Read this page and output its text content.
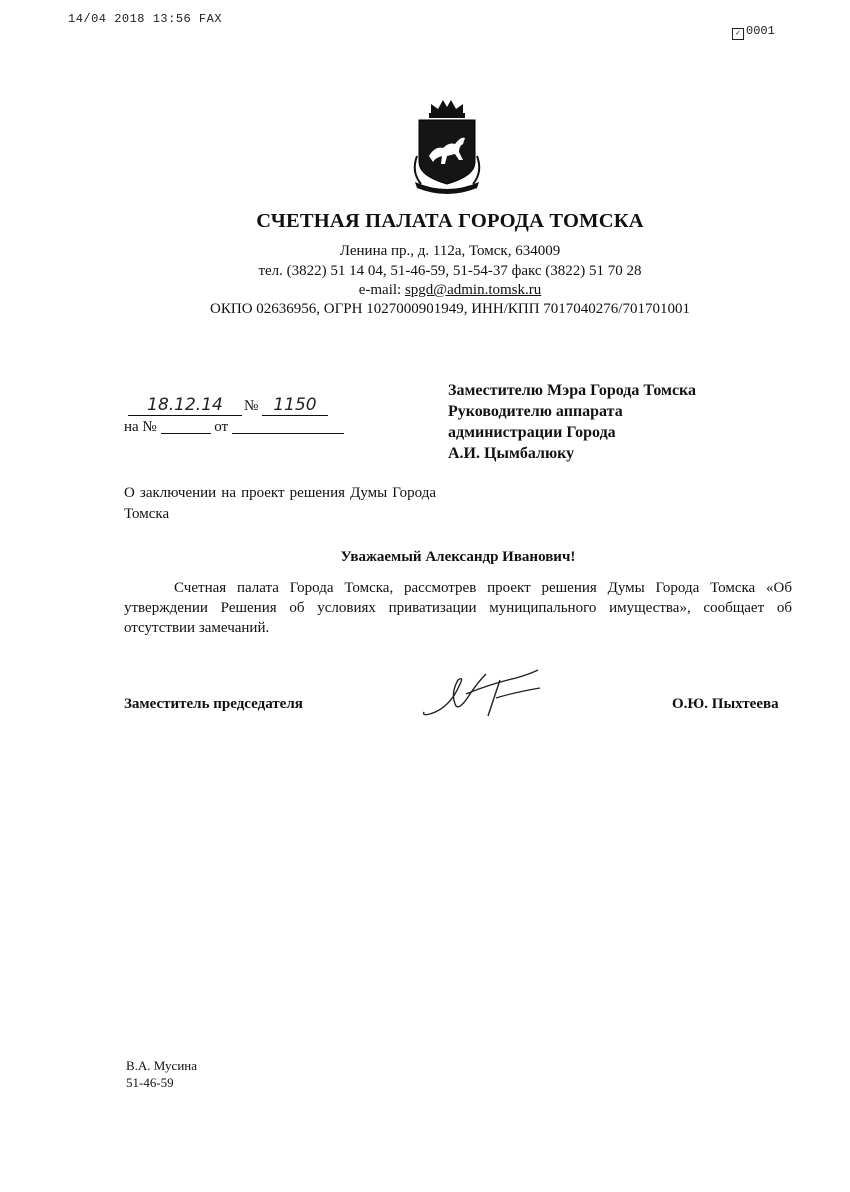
14/04 2018 13:56 FAX
✓ 0001
СЧЕТНАЯ ПАЛАТА ГОРОДА ТОМСКА
Ленина пр., д. 112а, Томск, 634009
тел. (3822) 51 14 04, 51-46-59, 51-54-37 факс (3822) 51 70 28
e-mail: spgd@admin.tomsk.ru
ОКПО 02636956, ОГРН 1027000901949, ИНН/КПП 7017040276/701701001
18.12.14	№ 1150
на №	от
Заместителю Мэра Города Томска
Руководителю аппарата
администрации Города
А.И. Цымбалюку
О заключении на проект решения Думы Города Томска
Уважаемый Александр Иванович!
Счетная палата Города Томска, рассмотрев проект решения Думы Города Томска «Об утверждении Решения об условиях приватизации муниципального имущества», сообщает об отсутствии замечаний.
Заместитель председателя	О.Ю. Пыхтеева
В.А. Мусина
51-46-59
